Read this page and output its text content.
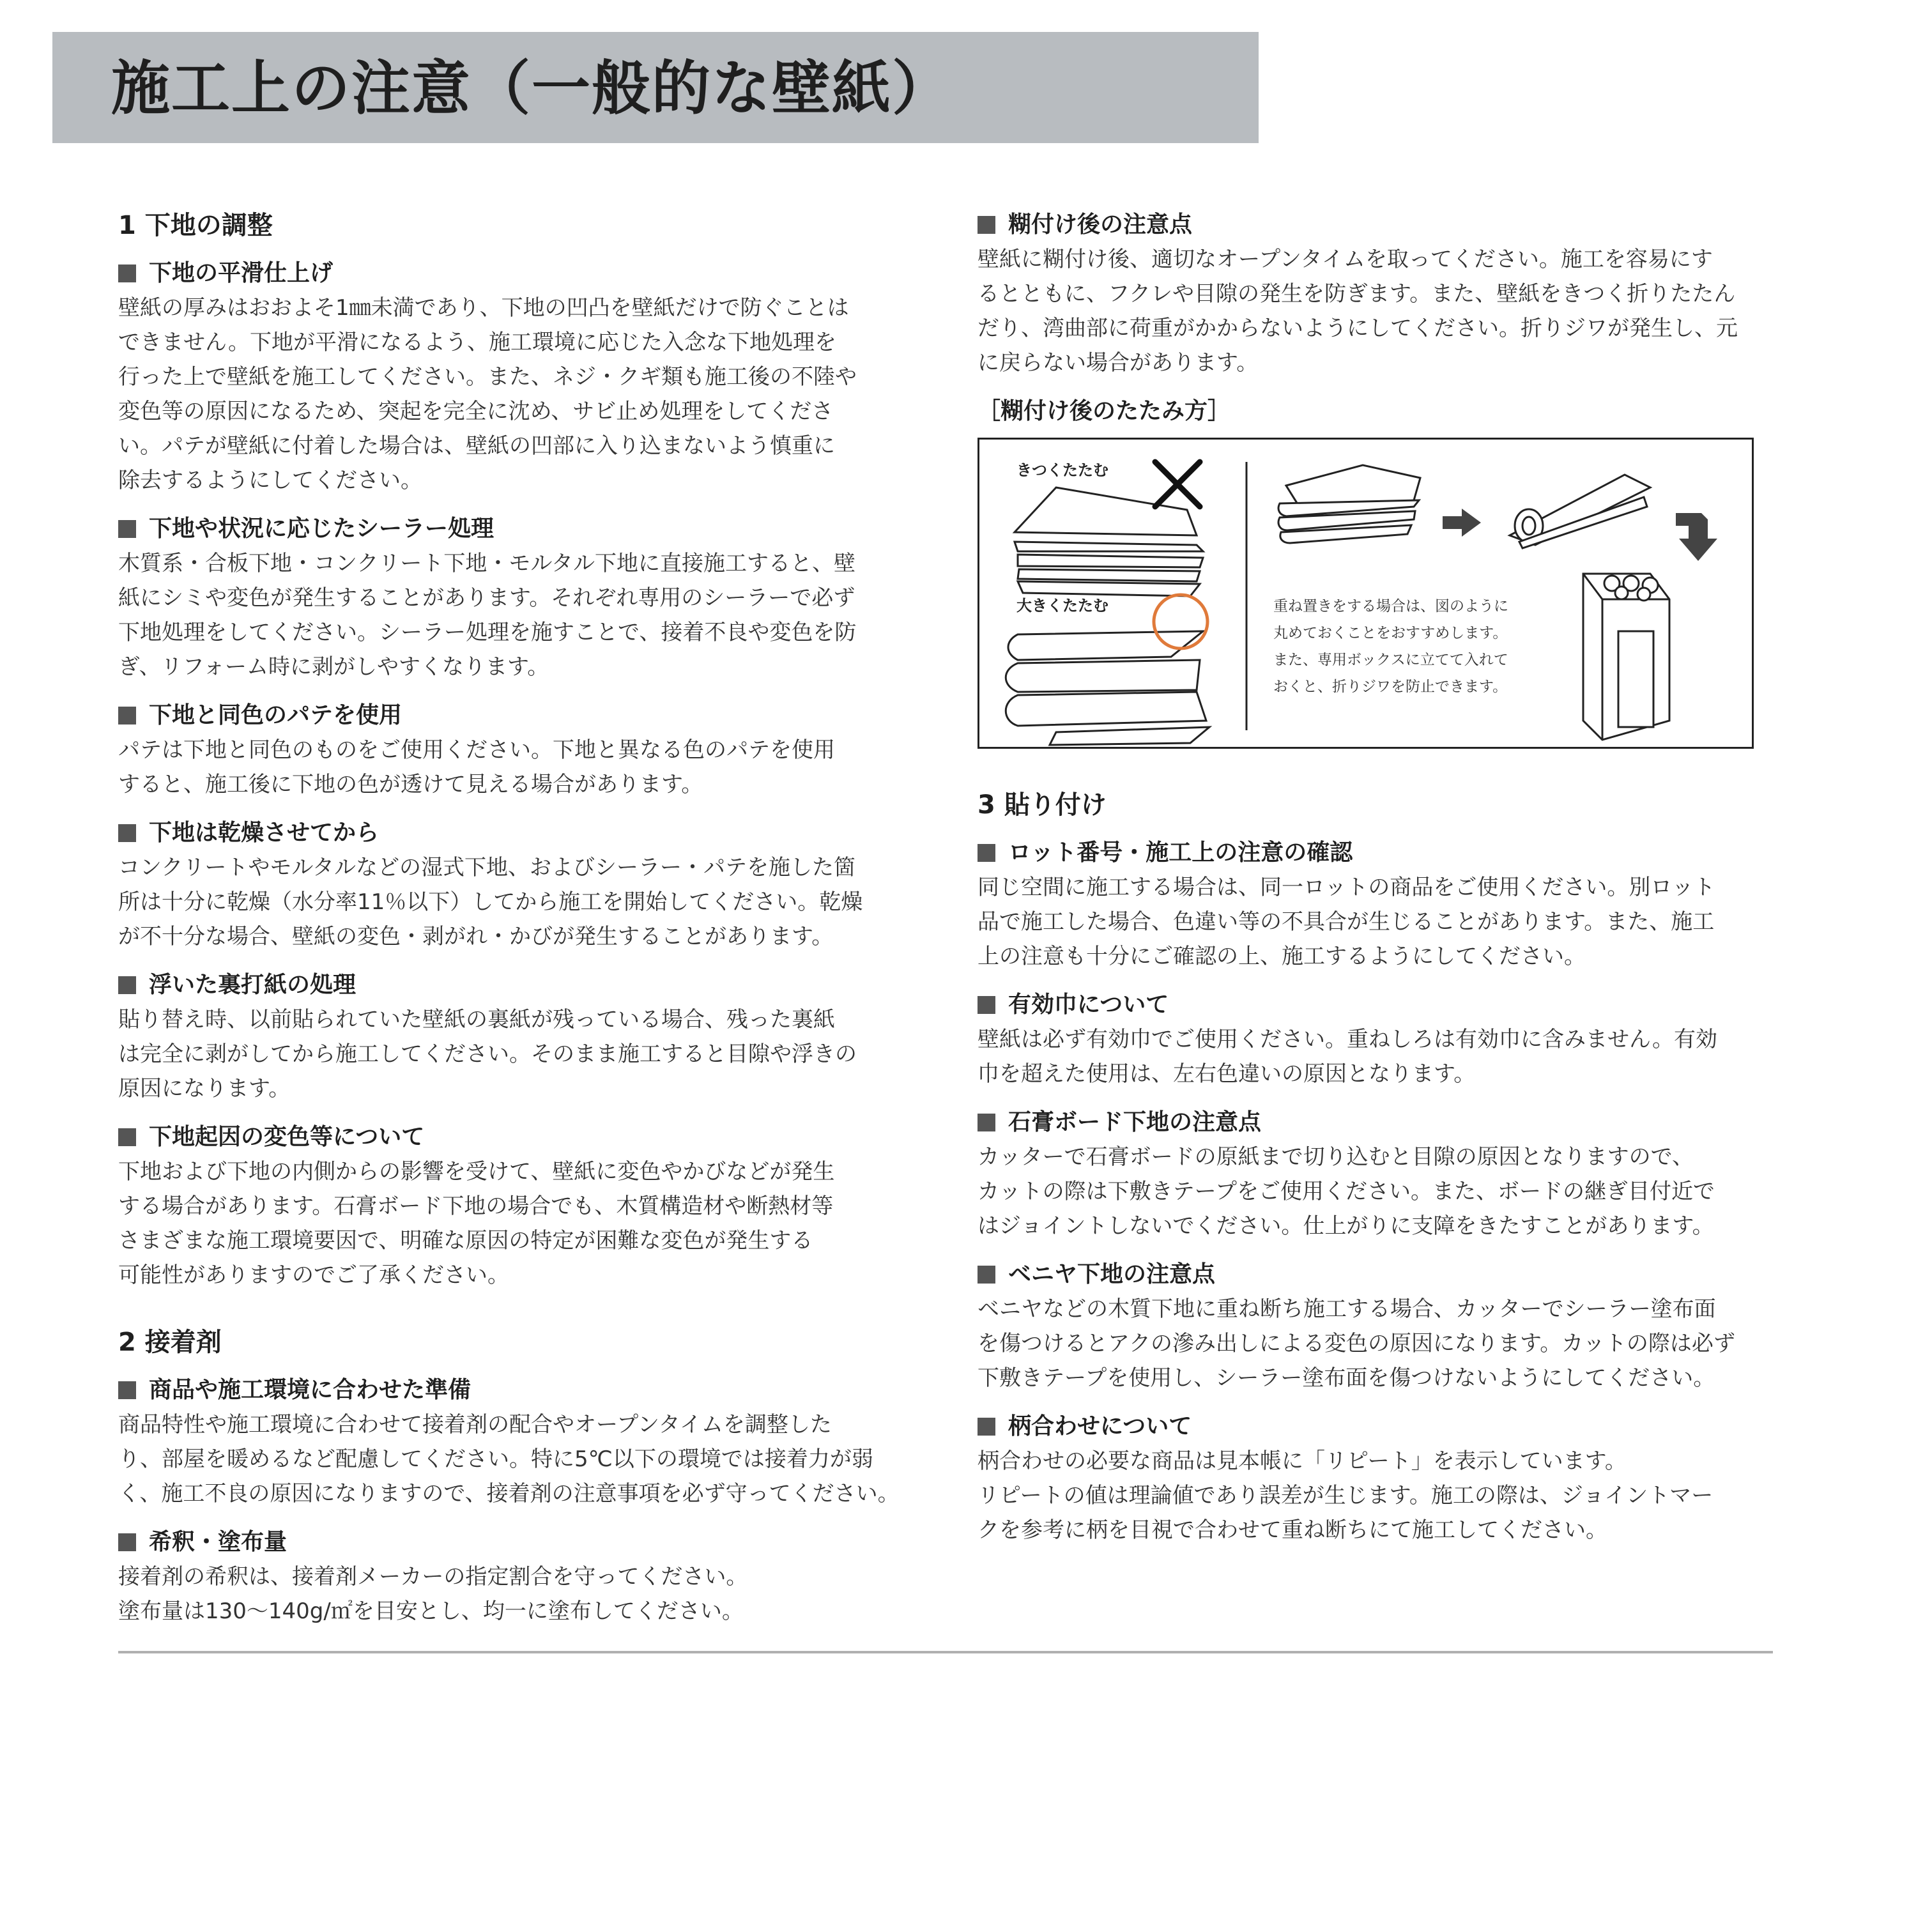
施工上の注意（一般的な壁紙）
1 下地の調整
下地の平滑仕上げ
壁紙の厚みはおおよそ1㎜未満であり、下地の凹凸を壁紙だけで防ぐことは
できません。下地が平滑になるよう、施工環境に応じた入念な下地処理を
行った上で壁紙を施工してください。また、ネジ・クギ類も施工後の不陸や
変色等の原因になるため、突起を完全に沈め、サビ止め処理をしてくださ
い。パテが壁紙に付着した場合は、壁紙の凹部に入り込まないよう慎重に
除去するようにしてください。
下地や状況に応じたシーラー処理
木質系・合板下地・コンクリート下地・モルタル下地に直接施工すると、壁
紙にシミや変色が発生することがあります。それぞれ専用のシーラーで必ず
下地処理をしてください。シーラー処理を施すことで、接着不良や変色を防
ぎ、リフォーム時に剥がしやすくなります。
下地と同色のパテを使用
パテは下地と同色のものをご使用ください。下地と異なる色のパテを使用
すると、施工後に下地の色が透けて見える場合があります。
下地は乾燥させてから
コンクリートやモルタルなどの湿式下地、およびシーラー・パテを施した箇
所は十分に乾燥（水分率11％以下）してから施工を開始してください。乾燥
が不十分な場合、壁紙の変色・剥がれ・かびが発生することがあります。
浮いた裏打紙の処理
貼り替え時、以前貼られていた壁紙の裏紙が残っている場合、残った裏紙
は完全に剥がしてから施工してください。そのまま施工すると目隙や浮きの
原因になります。
下地起因の変色等について
下地および下地の内側からの影響を受けて、壁紙に変色やかびなどが発生
する場合があります。石膏ボード下地の場合でも、木質構造材や断熱材等
さまざまな施工環境要因で、明確な原因の特定が困難な変色が発生する
可能性がありますのでご了承ください。
2 接着剤
商品や施工環境に合わせた準備
商品特性や施工環境に合わせて接着剤の配合やオープンタイムを調整した
り、部屋を暖めるなど配慮してください。特に5℃以下の環境では接着力が弱
く、施工不良の原因になりますので、接着剤の注意事項を必ず守ってください。
希釈・塗布量
接着剤の希釈は、接着剤メーカーの指定割合を守ってください。
塗布量は130〜140g/㎡を目安とし、均一に塗布してください。
糊付け後の注意点
壁紙に糊付け後、適切なオープンタイムを取ってください。施工を容易にす
るとともに、フクレや目隙の発生を防ぎます。また、壁紙をきつく折りたたん
だり、湾曲部に荷重がかからないようにしてください。折りジワが発生し、元
に戻らない場合があります。
［糊付け後のたたみ方］
きつくたたむ
大きくたたむ	重ね置きをする場合は、図のように
丸めておくことをおすすめします。
また、専用ボックスに立てて入れて
おくと、折りジワを防止できます。
3 貼り付け
ロット番号・施工上の注意の確認
同じ空間に施工する場合は、同一ロットの商品をご使用ください。別ロット
品で施工した場合、色違い等の不具合が生じることがあります。また、施工
上の注意も十分にご確認の上、施工するようにしてください。
有効巾について
壁紙は必ず有効巾でご使用ください。重ねしろは有効巾に含みません。有効
巾を超えた使用は、左右色違いの原因となります。
石膏ボード下地の注意点
カッターで石膏ボードの原紙まで切り込むと目隙の原因となりますので、
カットの際は下敷きテープをご使用ください。また、ボードの継ぎ目付近で
はジョイントしないでください。仕上がりに支障をきたすことがあります。
ベニヤ下地の注意点
ベニヤなどの木質下地に重ね断ち施工する場合、カッターでシーラー塗布面
を傷つけるとアクの滲み出しによる変色の原因になります。カットの際は必ず
下敷きテープを使用し、シーラー塗布面を傷つけないようにしてください。
柄合わせについて
柄合わせの必要な商品は見本帳に「リピート」を表示しています。
リピートの値は理論値であり誤差が生じます。施工の際は、ジョイントマー
クを参考に柄を目視で合わせて重ね断ちにて施工してください。
